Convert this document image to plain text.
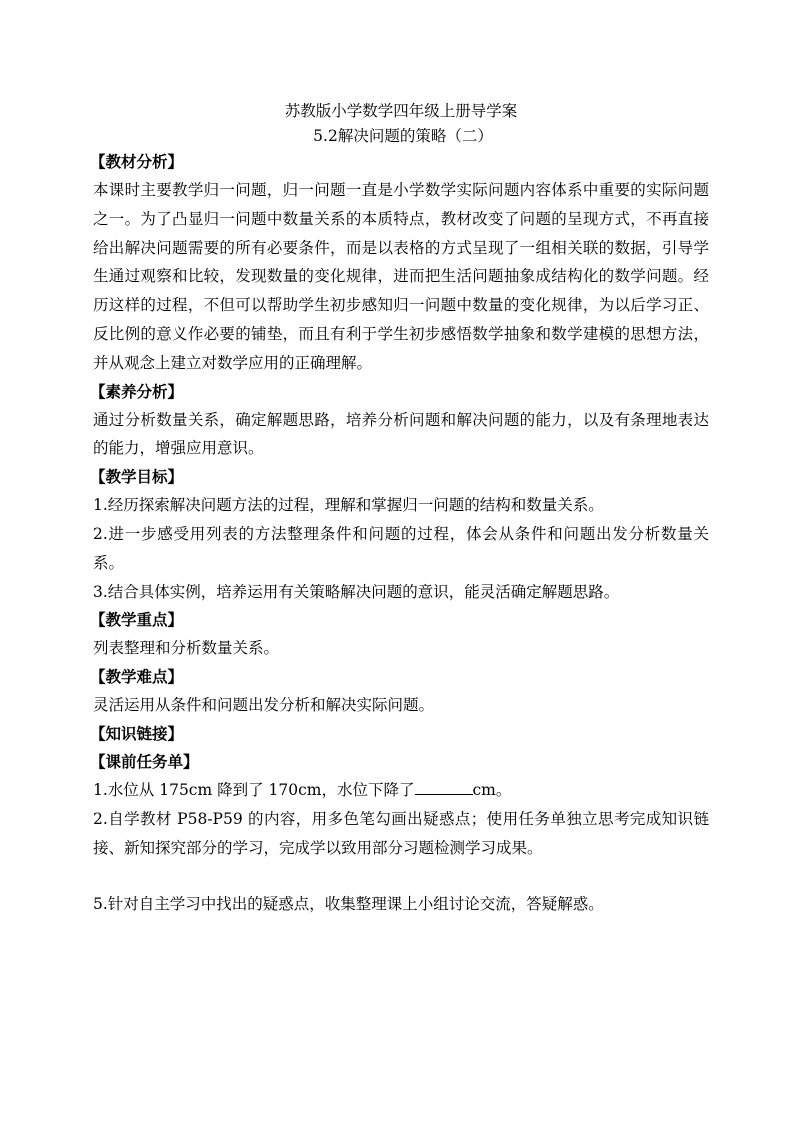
苏教版小学数学四年级上册导学案
5.2解决问题的策略（二）
【教材分析】

本课时主要教学归一问题，归一问题一直是小学数学实际问题内容体系中重要的实际问题之一。为了凸显归一问题中数量关系的本质特点，教材改变了问题的呈现方式，不再直接给出解决问题需要的所有必要条件，而是以表格的方式呈现了一组相关联的数据，引导学生通过观察和比较，发现数量的变化规律，进而把生活问题抽象成结构化的数学问题。经历这样的过程，不但可以帮助学生初步感知归一问题中数量的变化规律，为以后学习正、反比例的意义作必要的铺垫，而且有利于学生初步感悟数学抽象和数学建模的思想方法，并从观念上建立对数学应用的正确理解。

【素养分析】

通过分析数量关系，确定解题思路，培养分析问题和解决问题的能力，以及有条理地表达的能力，增强应用意识。

【教学目标】

1.经历探索解决问题方法的过程，理解和掌握归一问题的结构和数量关系。

2.进一步感受用列表的方法整理条件和问题的过程，体会从条件和问题出发分析数量关系。

3.结合具体实例，培养运用有关策略解决问题的意识，能灵活确定解题思路。

【教学重点】

列表整理和分析数量关系。

【教学难点】

灵活运用从条件和问题出发分析和解决实际问题。

【知识链接】
【课前任务单】

1.水位从 175cm 降到了 170cm，水位下降了	cm。

2.自学教材 P58-P59 的内容，用多色笔勾画出疑惑点；使用任务单独立思考完成知识链接、新知探究部分的学习，完成学以致用部分习题检测学习成果。

5.针对自主学习中找出的疑惑点，收集整理课上小组讨论交流，答疑解惑。
